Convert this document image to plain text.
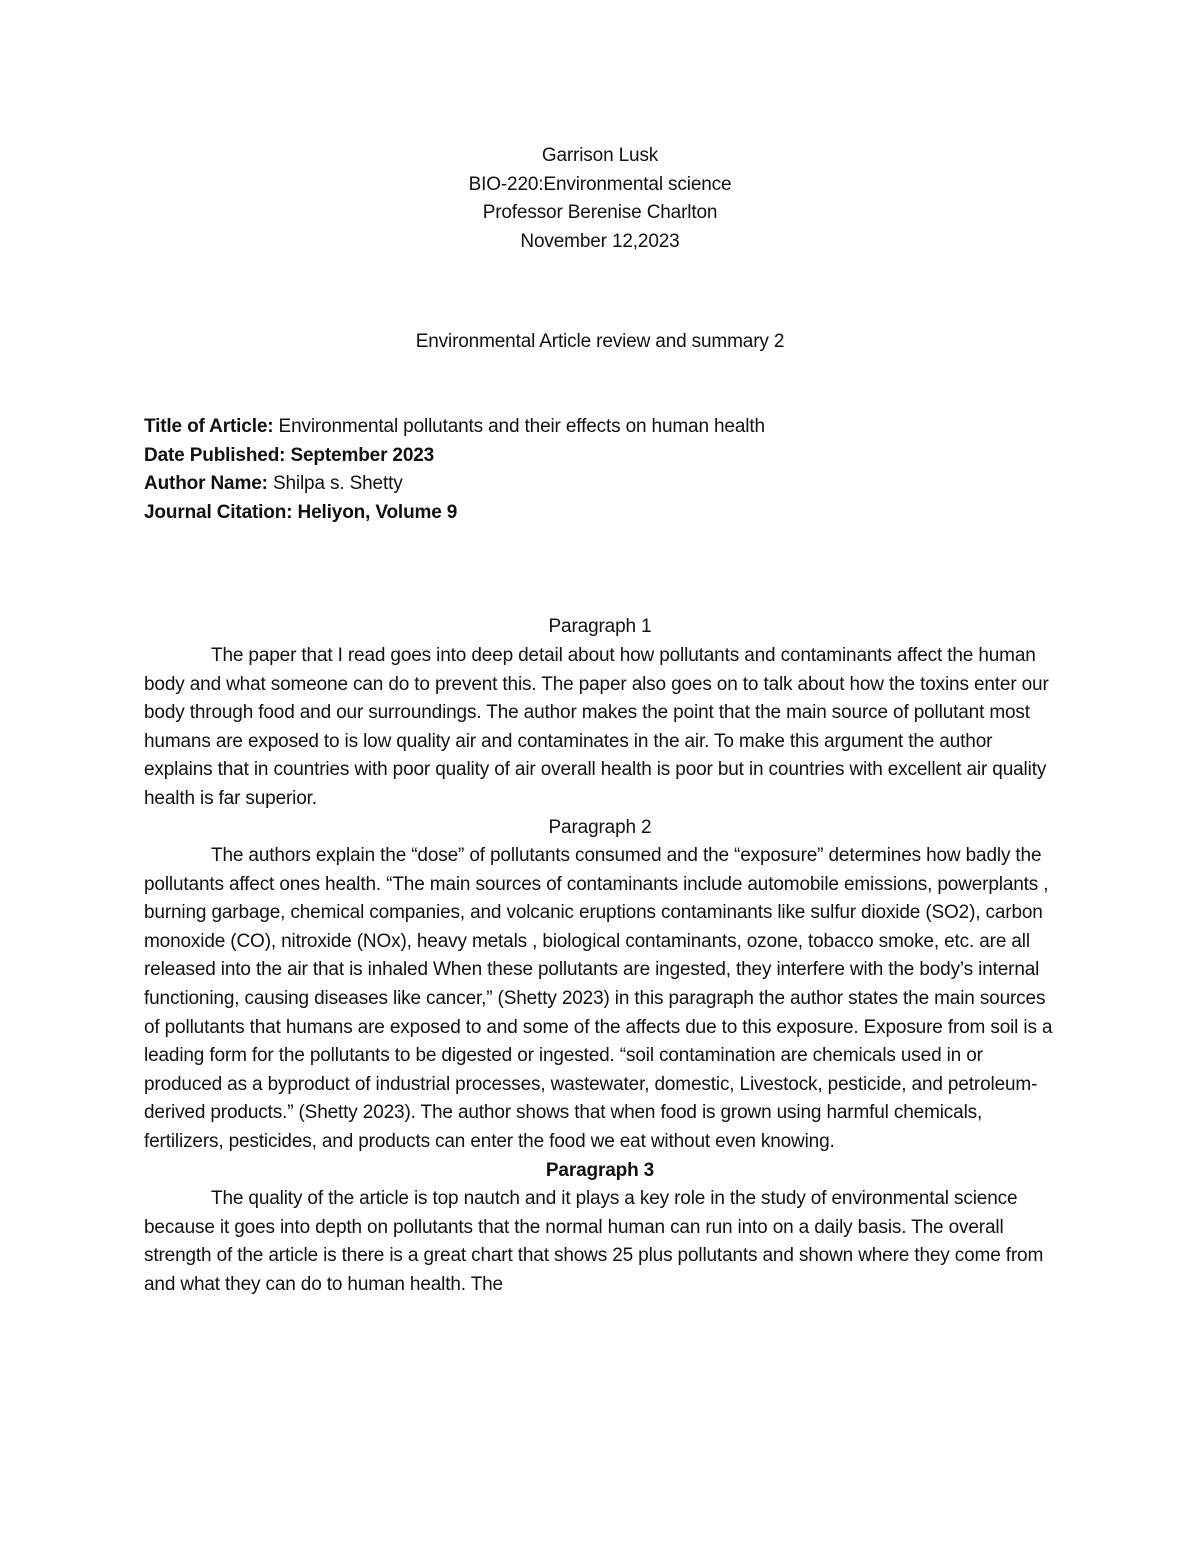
Garrison Lusk
BIO-220:Environmental science
Professor Berenise Charlton
November 12,2023
Environmental Article review and summary 2
Title of Article: Environmental pollutants and their effects on human health
Date Published: September 2023
Author Name: Shilpa s. Shetty
Journal Citation: Heliyon, Volume 9
Paragraph 1

The paper that I read goes into deep detail about how pollutants and contaminants affect the human body and what someone can do to prevent this. The paper also goes on to talk about how the toxins enter our body through food and our surroundings. The author makes the point that the main source of pollutant most humans are exposed to is low quality air and contaminates in the air. To make this argument the author explains that in countries with poor quality of air overall health is poor but in countries with excellent air quality health is far superior.

Paragraph 2

The authors explain the “dose” of pollutants consumed and the “exposure” determines how badly the pollutants affect ones health. “The main sources of contaminants include automobile emissions, powerplants , burning garbage, chemical companies, and volcanic eruptions contaminants like sulfur dioxide (SO2), carbon monoxide (CO), nitroxide (NOx), heavy metals , biological contaminants, ozone, tobacco smoke, etc. are all released into the air that is inhaled When these pollutants are ingested, they interfere with the body’s internal functioning, causing diseases like cancer,” (Shetty 2023) in this paragraph the author states the main sources of pollutants that humans are exposed to and some of the affects due to this exposure. Exposure from soil is a leading form for the pollutants to be digested or ingested. “soil contamination are chemicals used in or produced as a byproduct of industrial processes, wastewater, domestic, Livestock, pesticide, and petroleum-derived products.” (Shetty 2023). The author shows that when food is grown using harmful chemicals, fertilizers, pesticides, and products can enter the food we eat without even knowing.

Paragraph 3

The quality of the article is top nautch and it plays a key role in the study of environmental science because it goes into depth on pollutants that the normal human can run into on a daily basis. The overall strength of the article is there is a great chart that shows 25 plus pollutants and shown where they come from and what they can do to human health. The
